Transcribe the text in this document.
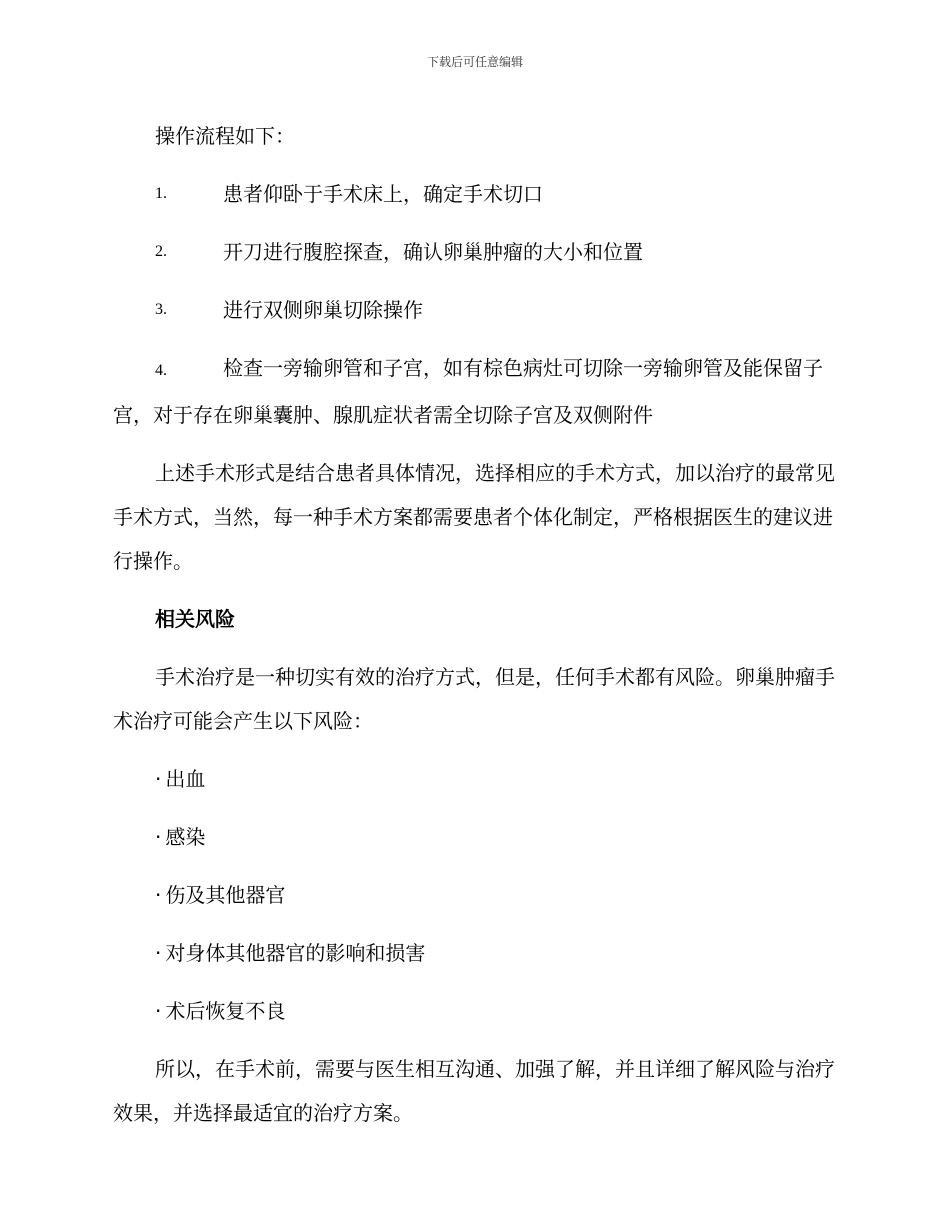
下载后可任意编辑
操作流程如下：
1.	患者仰卧于手术床上，确定手术切口
2.	开刀进行腹腔探查，确认卵巢肿瘤的大小和位置
3.	进行双侧卵巢切除操作
4.	检查一旁输卵管和子宫，如有棕色病灶可切除一旁输卵管及能保留子宫，对于存在卵巢囊肿、腺肌症状者需全切除子宫及双侧附件
上述手术形式是结合患者具体情况，选择相应的手术方式，加以治疗的最常见手术方式，当然，每一种手术方案都需要患者个体化制定，严格根据医生的建议进行操作。
相关风险
手术治疗是一种切实有效的治疗方式，但是，任何手术都有风险。卵巢肿瘤手术治疗可能会产生以下风险：
· 出血
· 感染
· 伤及其他器官
· 对身体其他器官的影响和损害
· 术后恢复不良
所以，在手术前，需要与医生相互沟通、加强了解，并且详细了解风险与治疗效果，并选择最适宜的治疗方案。
